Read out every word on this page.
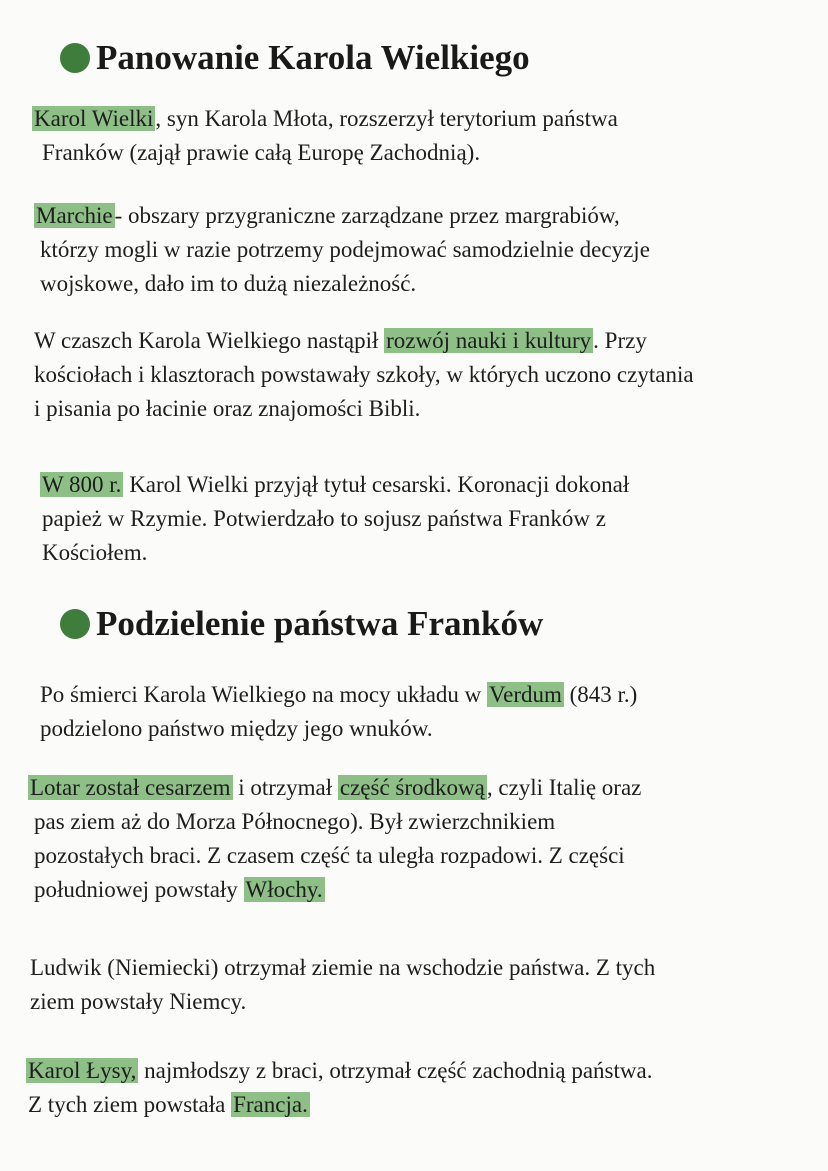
Panowanie Karola Wielkiego
Karol Wielki, syn Karola Młota, rozszerzył terytorium państwa
Franków (zajął prawie całą Europę Zachodnią).
Marchie- obszary przygraniczne zarządzane przez margrabiów,
którzy mogli w razie potrzemy podejmować samodzielnie decyzje
wojskowe, dało im to dużą niezależność.
W czaszch Karola Wielkiego nastąpił rozwój nauki i kultury. Przy
kościołach i klasztorach powstawały szkoły, w których uczono czytania
i pisania po łacinie oraz znajomości Bibli.
W 800 r. Karol Wielki przyjął tytuł cesarski. Koronacji dokonał
papież w Rzymie. Potwierdzało to sojusz państwa Franków z
Kościołem.
Podzielenie państwa Franków
Po śmierci Karola Wielkiego na mocy układu w Verdum (843 r.)
podzielono państwo między jego wnuków.
Lotar został cesarzem i otrzymał część środkową, czyli Italię oraz
pas ziem aż do Morza Północnego). Był zwierzchnikiem
pozostałych braci. Z czasem część ta uległa rozpadowi. Z części
południowej powstały Włochy.
Ludwik (Niemiecki) otrzymał ziemie na wschodzie państwa. Z tych
ziem powstały Niemcy.
Karol Łysy, najmłodszy z braci, otrzymał część zachodnią państwa.
Z tych ziem powstała Francja.
